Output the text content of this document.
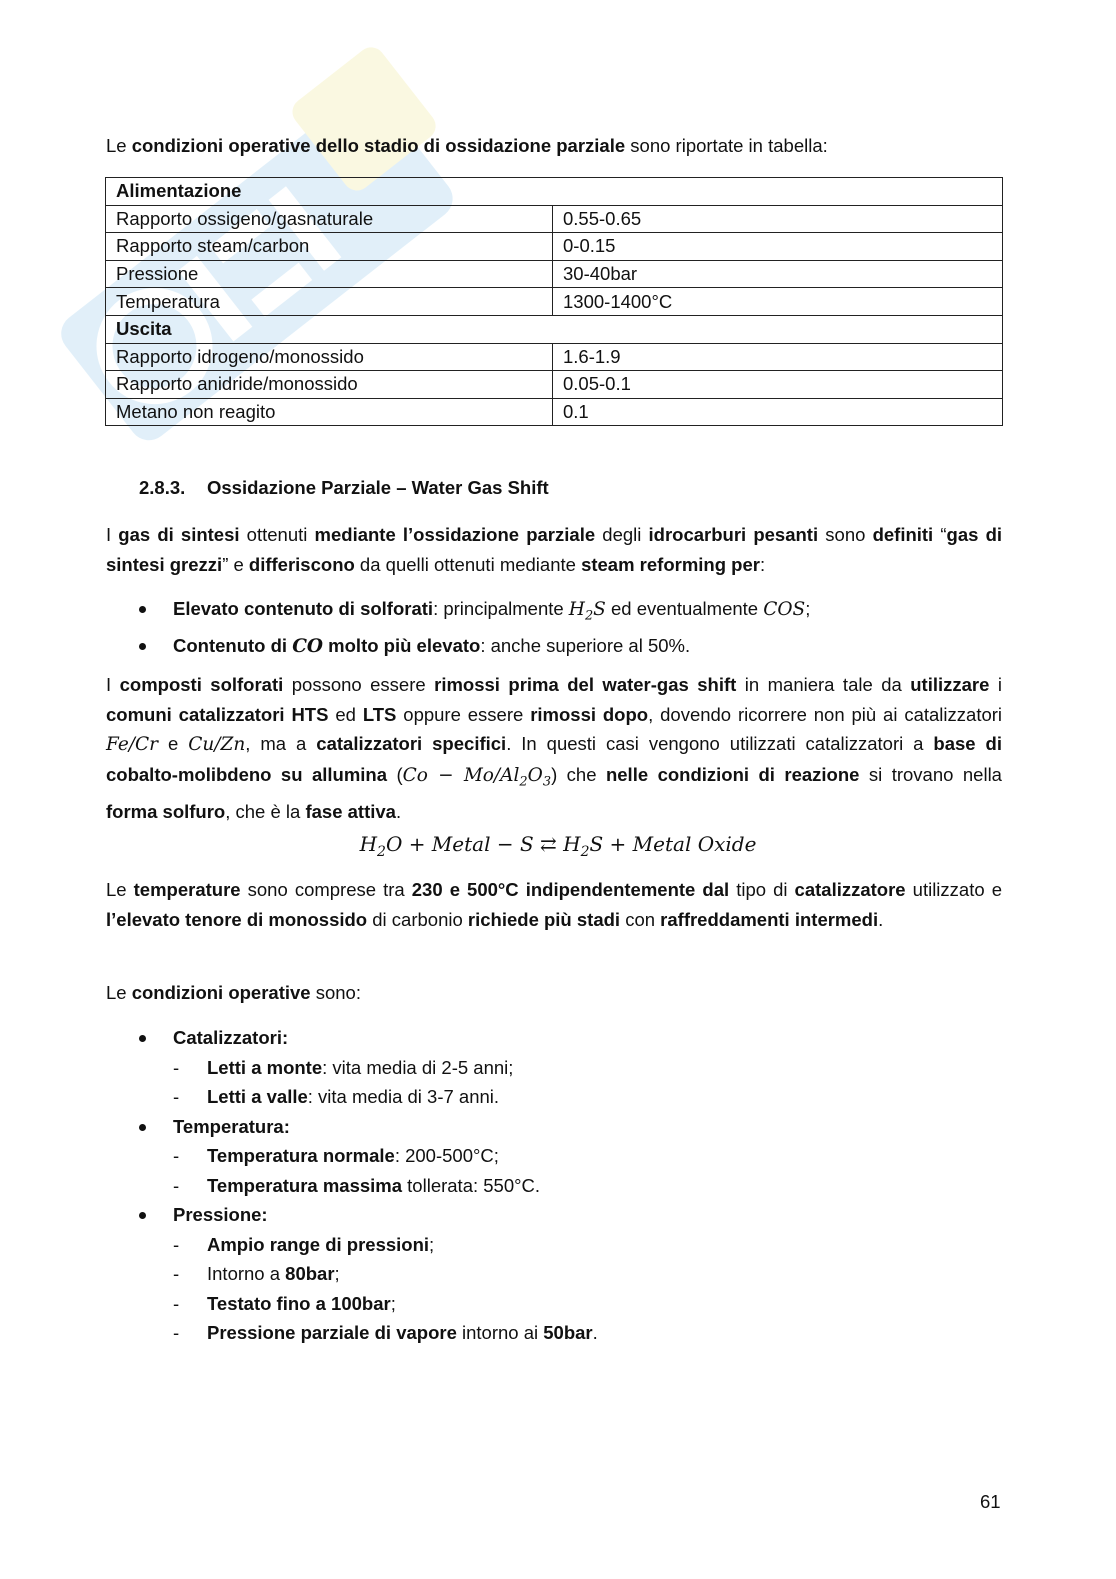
Le condizioni operative dello stadio di ossidazione parziale sono riportate in tabella:
Alimentazione	
Rapporto ossigeno/gasnaturale	0.55-0.65
Rapporto steam/carbon	0-0.15
Pressione	30-40bar
Temperatura	1300-1400°C
Uscita	
Rapporto idrogeno/monossido	1.6-1.9
Rapporto anidride/monossido	0.05-0.1
Metano non reagito	0.1
2.8.3. Ossidazione Parziale – Water Gas Shift
I gas di sintesi ottenuti mediante l’ossidazione parziale degli idrocarburi pesanti sono definiti “gas di sintesi grezzi” e differiscono da quelli ottenuti mediante steam reforming per:
Elevato contenuto di solforati: principalmente $H_2S$ ed eventualmente COS;
Contenuto di CO molto più elevato: anche superiore al 50%.
I composti solforati possono essere rimossi prima del water-gas shift in maniera tale da utilizzare i comuni catalizzatori HTS ed LTS oppure essere rimossi dopo, dovendo ricorrere non più ai catalizzatori Fe/Cr e Cu/Zn, ma a catalizzatori specifici. In questi casi vengono utilizzati catalizzatori a base di cobalto-molibdeno su allumina $(Co - Mo/Al_2O_3)$ che nelle condizioni di reazione si trovano nella forma solfuro, che è la fase attiva.
$H_2O$ + Metal − S ⇄ $H_2S$ + Metal Oxide
Le temperature sono comprese tra 230 e 500°C indipendentemente dal tipo di catalizzatore utilizzato e l’elevato tenore di monossido di carbonio richiede più stadi con raffreddamenti intermedi.
Le condizioni operative sono:
Catalizzatori:
- Letti a monte: vita media di 2-5 anni;
- Letti a valle: vita media di 3-7 anni.
Temperatura:
- Temperatura normale: 200-500°C;
- Temperatura massima tollerata: 550°C.
Pressione:
- Ampio range di pressioni;
- Intorno a 80bar;
- Testato fino a 100bar;
- Pressione parziale di vapore intorno ai 50bar.
61
